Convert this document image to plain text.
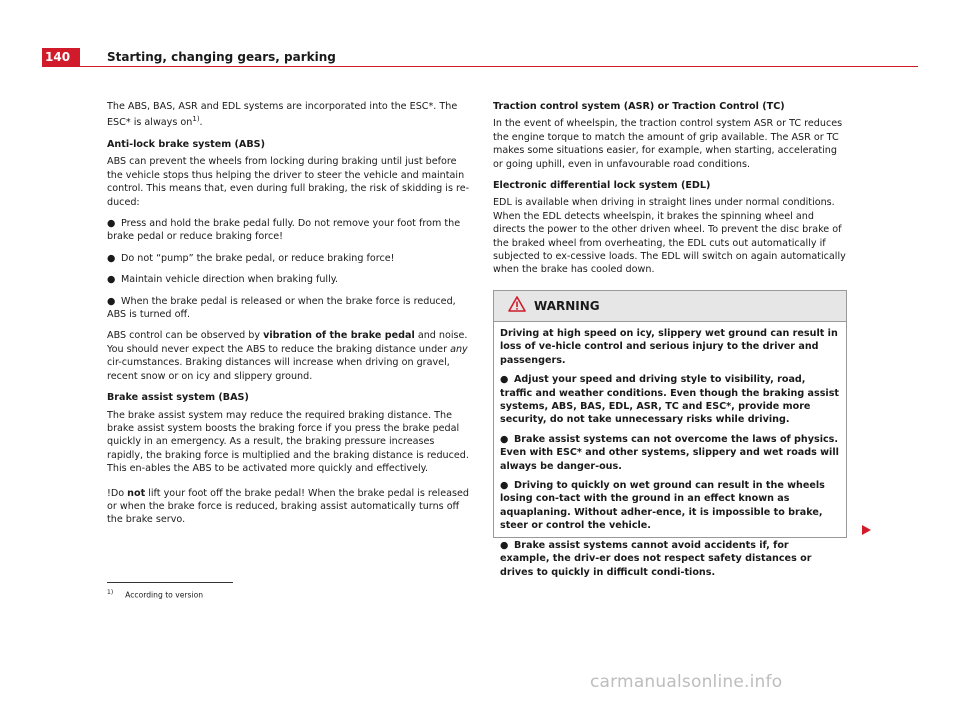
140	Starting, changing gears, parking

The ABS, BAS, ASR and EDL systems are incorporated into the ESC*. The ESC* is always $on^{1)}$.

Anti-lock brake system (ABS)

ABS can prevent the wheels from locking during braking until just before the vehicle stops thus helping the driver to steer the vehicle and maintain control. This means that, even during full braking, the risk of skidding is re-duced:

● Press and hold the brake pedal fully. Do not remove your foot from the brake pedal or reduce braking force!

● Do not “pump” the brake pedal, or reduce braking force!

● Maintain vehicle direction when braking fully.

● When the brake pedal is released or when the brake force is reduced, ABS is turned off.

ABS control can be observed by vibration of the brake pedal and noise. You should never expect the ABS to reduce the braking distance under any cir-cumstances. Braking distances will increase when driving on gravel, recent snow or on icy and slippery ground.

Brake assist system (BAS)

The brake assist system may reduce the required braking distance. The brake assist system boosts the braking force if you press the brake pedal quickly in an emergency. As a result, the braking pressure increases rapidly, the braking force is multiplied and the braking distance is reduced. This en-ables the ABS to be activated more quickly and effectively.

!Do not lift your foot off the brake pedal! When the brake pedal is released or when the brake force is reduced, braking assist automatically turns off the brake servo.

Traction control system (ASR) or Traction Control (TC)

In the event of wheelspin, the traction control system ASR or TC reduces the engine torque to match the amount of grip available. The ASR or TC makes some situations easier, for example, when starting, accelerating or going uphill, even in unfavourable road conditions.

Electronic differential lock system (EDL)

EDL is available when driving in straight lines under normal conditions. When the EDL detects wheelspin, it brakes the spinning wheel and directs the power to the other driven wheel. To prevent the disc brake of the braked wheel from overheating, the EDL cuts out automatically if subjected to ex-cessive loads. The EDL will switch on again automatically when the brake has cooled down.

WARNING

Driving at high speed on icy, slippery wet ground can result in loss of ve-hicle control and serious injury to the driver and passengers.

● Adjust your speed and driving style to visibility, road, traffic and weather conditions. Even though the braking assist systems, ABS, BAS, EDL, ASR, TC and ESC*, provide more security, do not take unnecessary risks while driving.

● Brake assist systems can not overcome the laws of physics. Even with ESC* and other systems, slippery and wet roads will always be danger-ous.

● Driving to quickly on wet ground can result in the wheels losing con-tact with the ground in an effect known as aquaplaning. Without adher-ence, it is impossible to brake, steer or control the vehicle.

● Brake assist systems cannot avoid accidents if, for example, the driv-er does not respect safety distances or drives to quickly in difficult condi-tions.

$^{1)}$ According to version
carmanualsonline.info
